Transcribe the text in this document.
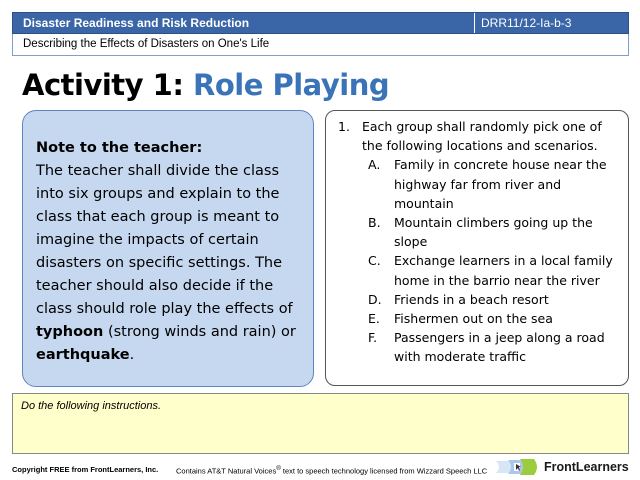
Disaster Readiness and Risk Reduction	DRR11/12-Ia-b-3
Describing the Effects of Disasters on One's Life
Activity 1: Role Playing
Note to the teacher:
The teacher shall divide the class into six groups and explain to the class that each group is meant to imagine the impacts of certain disasters on specific settings. The teacher should also decide if the class should role play the effects of typhoon (strong winds and rain) or earthquake.
1. Each group shall randomly pick one of the following locations and scenarios.
A.	Family in concrete house near the highway far from river and mountain
B.	Mountain climbers going up the slope
C.	Exchange learners in a local family home in the barrio near the river
D. Friends in a beach resort
E.	Fishermen out on the sea
F.	Passengers in a jeep along a road with moderate traffic
Do the following instructions.
Copyright FREE from FrontLearners, Inc. Contains AT&T Natural Voices® text to speech technology licensed from Wizzard Speech LLC	FrontLearners
